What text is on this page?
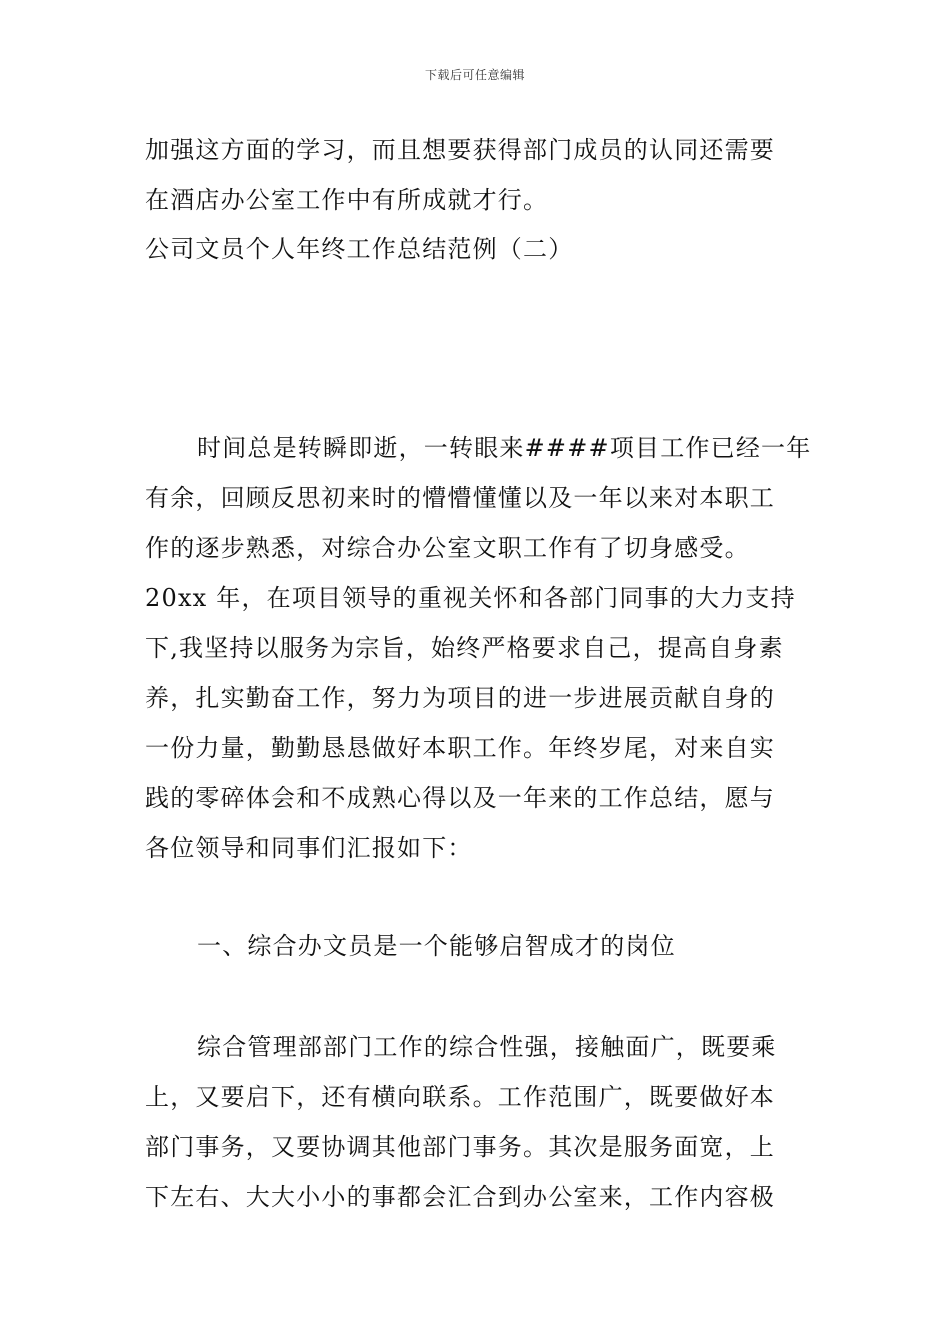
下载后可任意编辑
加强这方面的学习，而且想要获得部门成员的认同还需要
在酒店办公室工作中有所成就才行。
公司文员个人年终工作总结范例（二）
时间总是转瞬即逝，一转眼来####项目工作已经一年
有余，回顾反思初来时的懵懵懂懂以及一年以来对本职工
作的逐步熟悉，对综合办公室文职工作有了切身感受。
20xx 年，在项目领导的重视关怀和各部门同事的大力支持
下,我坚持以服务为宗旨，始终严格要求自己，提高自身素
养，扎实勤奋工作，努力为项目的进一步进展贡献自身的
一份力量，勤勤恳恳做好本职工作。年终岁尾，对来自实
践的零碎体会和不成熟心得以及一年来的工作总结，愿与
各位领导和同事们汇报如下：
一、综合办文员是一个能够启智成才的岗位
综合管理部部门工作的综合性强，接触面广，既要乘
上，又要启下，还有横向联系。工作范围广，既要做好本
部门事务，又要协调其他部门事务。其次是服务面宽，上
下左右、大大小小的事都会汇合到办公室来，工作内容极
